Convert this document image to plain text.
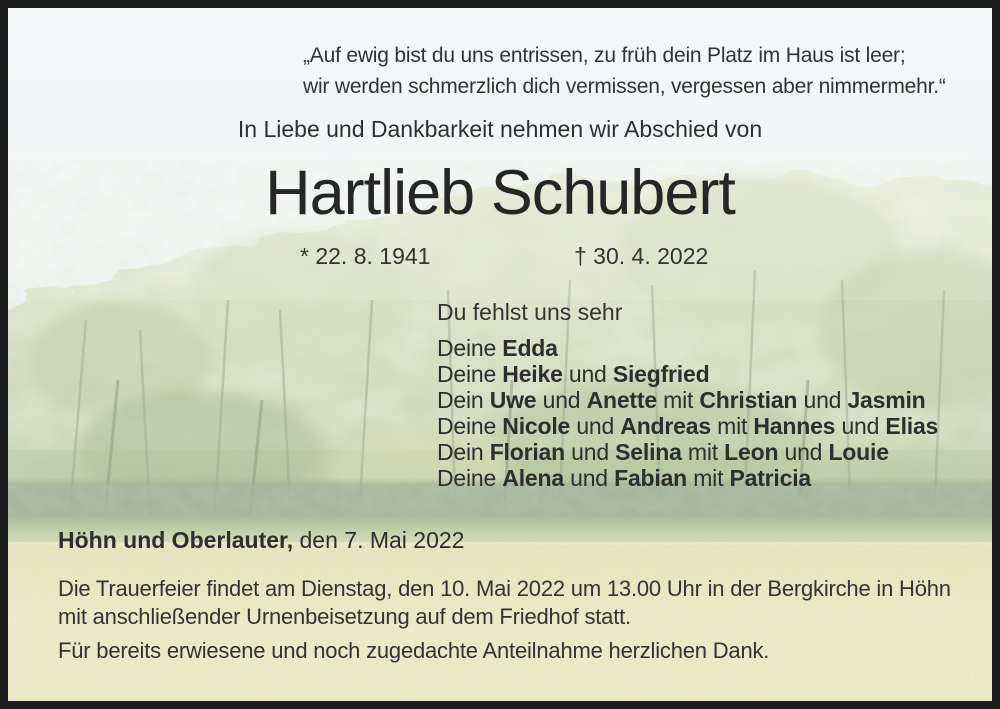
„Auf ewig bist du uns entrissen, zu früh dein Platz im Haus ist leer;
wir werden schmerzlich dich vermissen, vergessen aber nimmermehr.“
In Liebe und Dankbarkeit nehmen wir Abschied von
Hartlieb Schubert
* 22. 8. 1941	† 30. 4. 2022
Du fehlst uns sehr
Deine Edda
Deine Heike und Siegfried
Dein Uwe und Anette mit Christian und Jasmin
Deine Nicole und Andreas mit Hannes und Elias
Dein Florian und Selina mit Leon und Louie
Deine Alena und Fabian mit Patricia
Höhn und Oberlauter, den 7. Mai 2022

Die Trauerfeier findet am Dienstag, den 10. Mai 2022 um 13.00 Uhr in der Bergkirche in Höhn mit anschließender Urnenbeisetzung auf dem Friedhof statt.

Für bereits erwiesene und noch zugedachte Anteilnahme herzlichen Dank.
